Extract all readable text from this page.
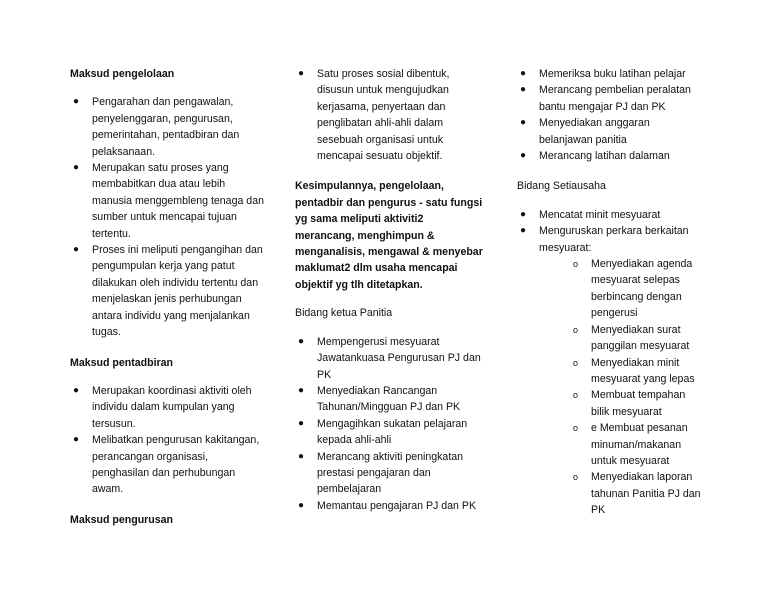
Maksud pengelolaan
● Pengarahan dan pengawalan, penyelenggaran, pengurusan, pemerintahan, pentadbiran dan pelaksanaan.
● Merupakan satu proses yang membabitkan dua atau lebih manusia menggembleng tenaga dan sumber untuk mencapai tujuan tertentu.
● Proses ini meliputi pengangihan dan pengumpulan kerja yang patut dilakukan oleh individu tertentu dan menjelaskan jenis perhubungan antara individu yang menjalankan tugas.
Maksud pentadbiran
● Merupakan koordinasi aktiviti oleh individu dalam kumpulan yang tersusun.
● Melibatkan pengurusan kakitangan, perancangan organisasi, penghasilan dan perhubungan awam.
Maksud pengurusan
● Satu proses sosial dibentuk, disusun untuk mengujudkan kerjasama, penyertaan dan penglibatan ahli-ahli dalam sesebuah organisasi untuk mencapai sesuatu objektif.
Kesimpulannya, pengelolaan, pentadbir dan pengurus - satu fungsi yg sama meliputi aktiviti2 merancang, menghimpun & menganalisis, mengawal & menyebar maklumat2 dlm usaha mencapai objektif yg tlh ditetapkan.
Bidang ketua Panitia
● Mempengerusi mesyuarat Jawatankuasa Pengurusan PJ dan PK
● Menyediakan Rancangan Tahunan/Mingguan PJ dan PK
● Mengagihkan sukatan pelajaran kepada ahli-ahli
● Merancang aktiviti peningkatan prestasi pengajaran dan pembelajaran
● Memantau pengajaran PJ dan PK
● Memeriksa buku latihan pelajar
● Merancang pembelian peralatan bantu mengajar PJ dan PK
● Menyediakan anggaran belanjawan panitia
● Merancang latihan dalaman
Bidang Setiausaha
● Mencatat minit mesyuarat
● Menguruskan perkara berkaitan mesyuarat:
o Menyediakan agenda mesyuarat selepas berbincang dengan pengerusi
o Menyediakan surat panggilan mesyuarat
o Menyediakan minit mesyuarat yang lepas
o Membuat tempahan bilik mesyuarat
o e Membuat pesanan minuman/makanan untuk mesyuarat
o Menyediakan laporan tahunan Panitia PJ dan PK
